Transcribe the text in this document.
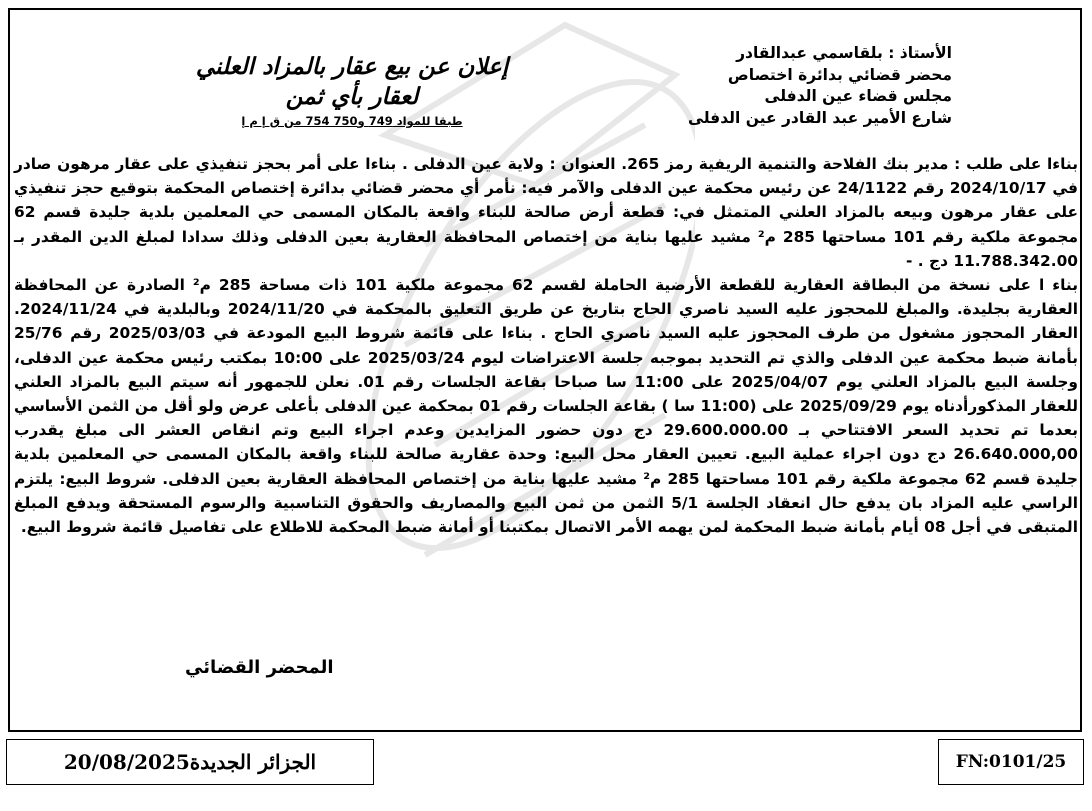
الأستاذ : بلقاسمي عبدالقادر
محضر قضائي بدائرة اختصاص
مجلس قضاء عين الدفلى
شارع الأمير عبد القادر عين الدفلى
إعلان عن بيع عقار بالمزاد العلني
لعقار بأي ثمن
طبقا للمواد 749 و750 754 من ق إ م إ
بناءا على طلب : مدير بنك الفلاحة والتنمية الريفية رمز 265. العنوان : ولاية عين الدفلى . بناءا على أمر بحجز تنفيذي على عقار مرهون صادر في 2024/10/17 رقم 24/1122 عن رئيس محكمة عين الدفلى والآمر فيه: نأمر أي محضر قضائي بدائرة إختصاص المحكمة بتوقيع حجز تنفيذي على عقار مرهون وبيعه بالمزاد العلني المتمثل في: قطعة أرض صالحة للبناء واقعة بالمكان المسمى حي المعلمين بلدية جليدة قسم 62 مجموعة ملكية رقم 101 مساحتها 285 م² مشيد عليها بناية من إختصاص المحافظة العقارية بعين الدفلى وذلك سدادا لمبلغ الدين المقدر بـ 11.788.342.00 دج . -
بناء ا على نسخة من البطاقة العقارية للقطعة الأرضية الحاملة لقسم 62 مجموعة ملكية 101 ذات مساحة 285 م² الصادرة عن المحافظة العقارية بجليدة. والمبلغ للمحجوز عليه السيد ناصري الحاج بتاريخ عن طريق التعليق بالمحكمة في 2024/11/20 وبالبلدية في 2024/11/24. العقار المحجوز مشغول من طرف المحجوز عليه السيد ناصري الحاج . بناءا على قائمة شروط البيع المودعة في 2025/03/03 رقم 25/76 بأمانة ضبط محكمة عين الدفلى والذي تم التحديد بموجبه جلسة الاعتراضات ليوم 2025/03/24 على 10:00 بمكتب رئيس محكمة عين الدفلى، وجلسة البيع بالمزاد العلني يوم 2025/04/07 على 11:00 سا صباحا بقاعة الجلسات رقم 01. نعلن للجمهور أنه سيتم البيع بالمزاد العلني للعقار المذكورأدناه يوم 2025/09/29 على (11:00 سا ) بقاعة الجلسات رقم 01 بمحكمة عين الدفلى بأعلى عرض ولو أقل من الثمن الأساسي بعدما تم تحديد السعر الافتتاحي بـ 29.600.000.00 دج دون حضور المزايدين وعدم اجراء البيع وتم انقاص العشر الى مبلغ يقدرب 26.640.000,00 دج دون اجراء عملية البيع. تعيين العقار محل البيع: وحدة عقارية صالحة للبناء واقعة بالمكان المسمى حي المعلمين بلدية جليدة قسم 62 مجموعة ملكية رقم 101 مساحتها 285 م² مشيد عليها بناية من إختصاص المحافظة العقارية بعين الدفلى. شروط البيع: يلتزم الراسي عليه المزاد بان يدفع حال انعقاد الجلسة 5/1 الثمن من ثمن البيع والمصاريف والحقوق التناسبية والرسوم المستحقة ويدفع المبلغ المتبقى في أجل 08 أيام بأمانة ضبط المحكمة لمن يهمه الأمر الاتصال بمكتبنا أو أمانة ضبط المحكمة للاطلاع على تفاصيل قائمة شروط البيع.
المحضر القضائي
الجزائر الجديدة20/08/2025	FN:0101/25
